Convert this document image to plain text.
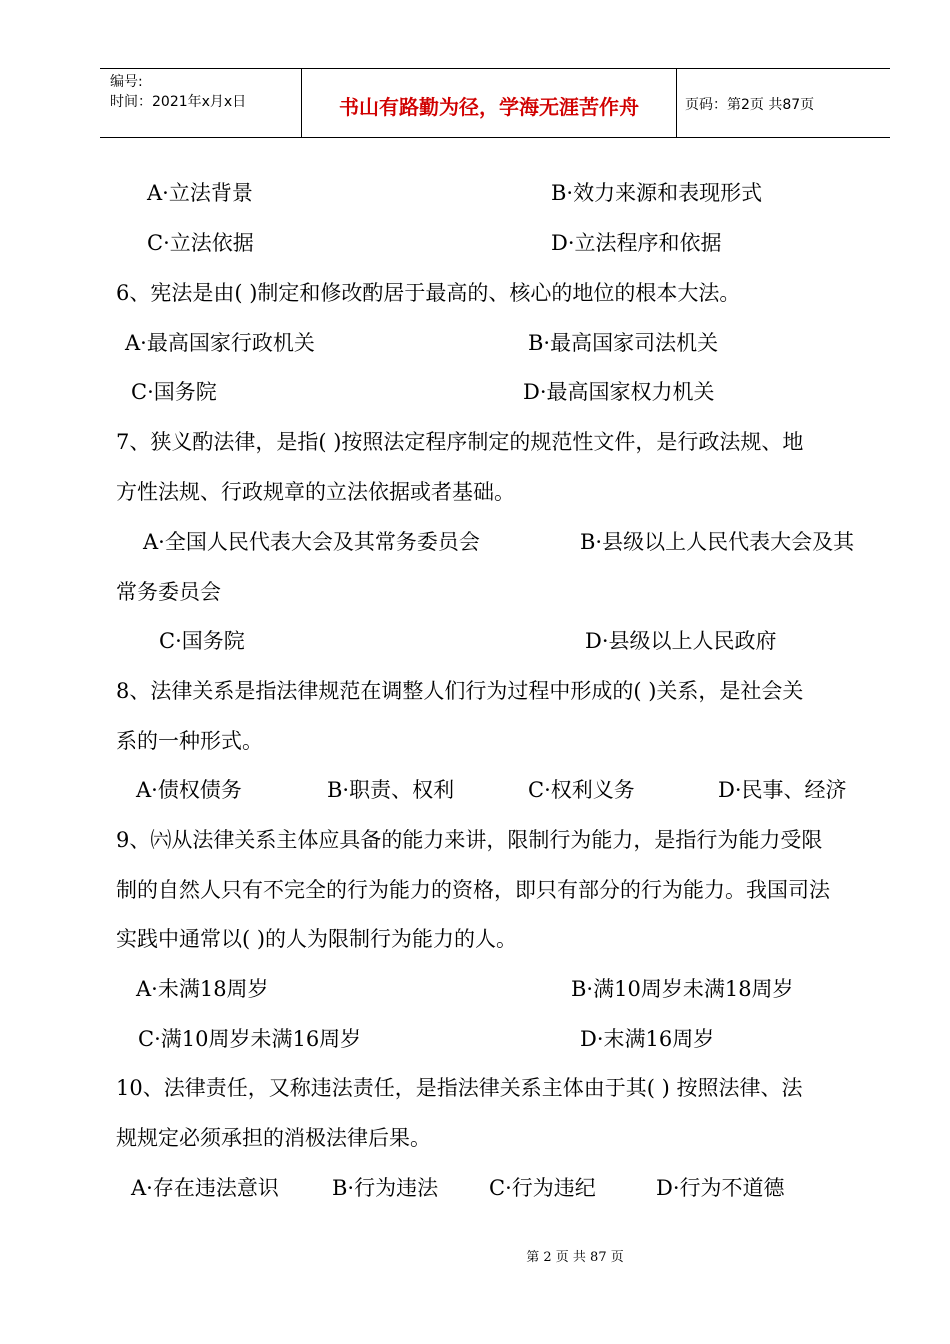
编号:
时间：2021年x月x日	书山有路勤为径，学海无涯苦作舟	页码：第2页 共87页
A·立法背景	B·效力来源和表现形式
C·立法依据	D·立法程序和依据
6、宪法是由( )制定和修改酌居于最高的、核心的地位的根本大法。
A·最高国家行政机关	B·最高国家司法机关
C·国务院	D·最高国家权力机关
7、狭义酌法律，是指( )按照法定程序制定的规范性文件，是行政法规、地
方性法规、行政规章的立法依据或者基础。
A·全国人民代表大会及其常务委员会	B·县级以上人民代表大会及其
常务委员会
C·国务院	D·县级以上人民政府
8、法律关系是指法律规范在调整人们行为过程中形成的( )关系，是社会关
系的一种形式。
A·债权债务	B·职责、权利	C·权利义务	D·民事、经济
9、㈥从法律关系主体应具备的能力来讲，限制行为能力，是指行为能力受限
制的自然人只有不完全的行为能力的资格，即只有部分的行为能力。我国司法
实践中通常以( )的人为限制行为能力的人。
A·未满18周岁	B·满10周岁未满18周岁
C·满10周岁未满16周岁	D·末满16周岁
10、法律责任，又称违法责任，是指法律关系主体由于其( ) 按照法律、法
规规定必须承担的消极法律后果。
A·存在违法意识	B·行为违法 C·行为违纪	D·行为不道德
第 2 页 共 87 页
